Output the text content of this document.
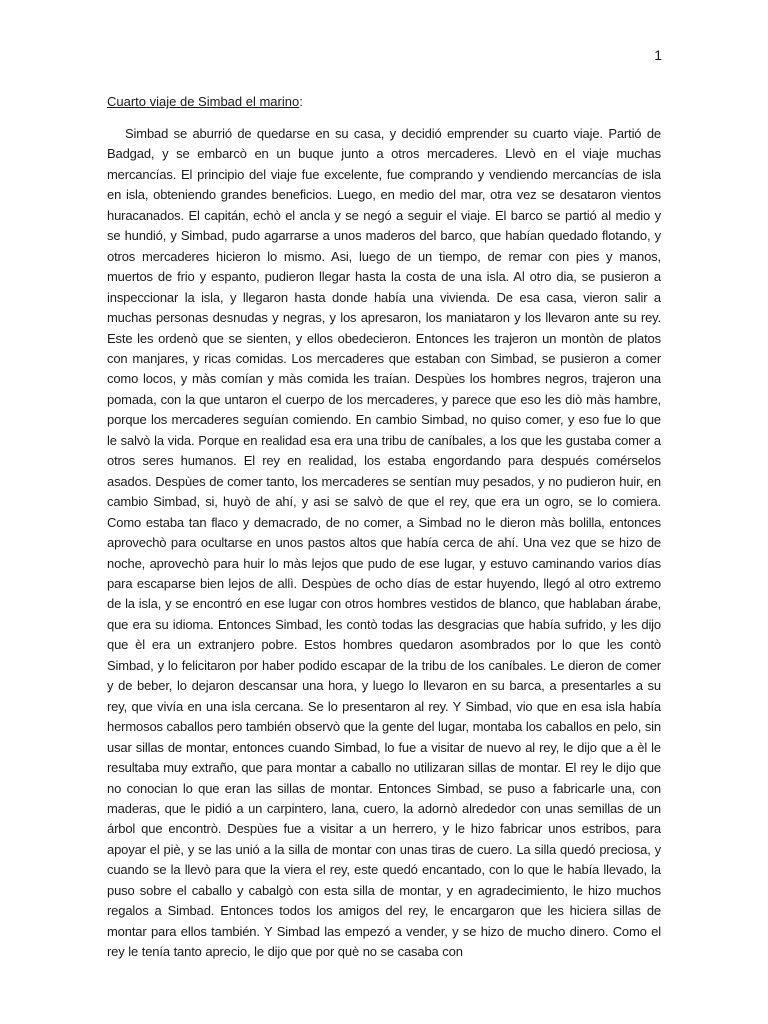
1
Cuarto viaje de Simbad el marino:

Simbad se aburrió de quedarse en su casa, y decidió emprender su cuarto viaje. Partió de Badgad, y se embarcò en un buque junto a otros mercaderes. Llevò en el viaje muchas mercancías. El principio del viaje fue excelente, fue comprando y vendiendo mercancías de isla en isla, obteniendo grandes beneficios. Luego, en medio del mar, otra vez se desataron vientos huracanados. El capitán, echò el ancla y se negó a seguir el viaje. El barco se partió al medio y se hundió, y Simbad, pudo agarrarse a unos maderos del barco, que habían quedado flotando, y otros mercaderes hicieron lo mismo. Asi, luego de un tiempo, de remar con pies y manos, muertos de frio y espanto, pudieron llegar hasta la costa de una isla. Al otro dia, se pusieron a inspeccionar la isla, y llegaron hasta donde había una vivienda. De esa casa, vieron salir a muchas personas desnudas y negras, y los apresaron, los maniataron y los llevaron ante su rey. Este les ordenò que se sienten, y ellos obedecieron. Entonces les trajeron un montòn de platos con manjares, y ricas comidas. Los mercaderes que estaban con Simbad, se pusieron a comer como locos, y màs comían y màs comida les traían. Despùes los hombres negros, trajeron una pomada, con la que untaron el cuerpo de los mercaderes, y parece que eso les diò màs hambre, porque los mercaderes seguían comiendo. En cambio Simbad, no quiso comer, y eso fue lo que le salvò la vida. Porque en realidad esa era una tribu de caníbales, a los que les gustaba comer a otros seres humanos. El rey en realidad, los estaba engordando para después comérselos asados. Despùes de comer tanto, los mercaderes se sentían muy pesados, y no pudieron huir, en cambio Simbad, si, huyò de ahí, y asi se salvò de que el rey, que era un ogro, se lo comiera. Como estaba tan flaco y demacrado, de no comer, a Simbad no le dieron màs bolilla, entonces aprovechò para ocultarse en unos pastos altos que había cerca de ahí. Una vez que se hizo de noche, aprovechò para huir lo màs lejos que pudo de ese lugar, y estuvo caminando varios días para escaparse bien lejos de allì. Despùes de ocho días de estar huyendo, llegó al otro extremo de la isla, y se encontró en ese lugar con otros hombres vestidos de blanco, que hablaban árabe, que era su idioma. Entonces Simbad, les contò todas las desgracias que había sufrido, y les dijo que èl era un extranjero pobre. Estos hombres quedaron asombrados por lo que les contò Simbad, y lo felicitaron por haber podido escapar de la tribu de los caníbales. Le dieron de comer y de beber, lo dejaron descansar una hora, y luego lo llevaron en su barca, a presentarles a su rey, que vivía en una isla cercana. Se lo presentaron al rey. Y Simbad, vio que en esa isla había hermosos caballos pero también observò que la gente del lugar, montaba los caballos en pelo, sin usar sillas de montar, entonces cuando Simbad, lo fue a visitar de nuevo al rey, le dijo que a èl le resultaba muy extraño, que para montar a caballo no utilizaran sillas de montar. El rey le dijo que no conocian lo que eran las sillas de montar. Entonces Simbad, se puso a fabricarle una, con maderas, que le pidió a un carpintero, lana, cuero, la adornò alrededor con unas semillas de un árbol que encontrò. Despùes fue a visitar a un herrero, y le hizo fabricar unos estribos, para apoyar el piè, y se las unió a la silla de montar con unas tiras de cuero. La silla quedó preciosa, y cuando se la llevò para que la viera el rey, este quedó encantado, con lo que le había llevado, la puso sobre el caballo y cabalgò con esta silla de montar, y en agradecimiento, le hizo muchos regalos a Simbad. Entonces todos los amigos del rey, le encargaron que les hiciera sillas de montar para ellos también. Y Simbad las empezó a vender, y se hizo de mucho dinero. Como el rey le tenía tanto aprecio, le dijo que por què no se casaba con
